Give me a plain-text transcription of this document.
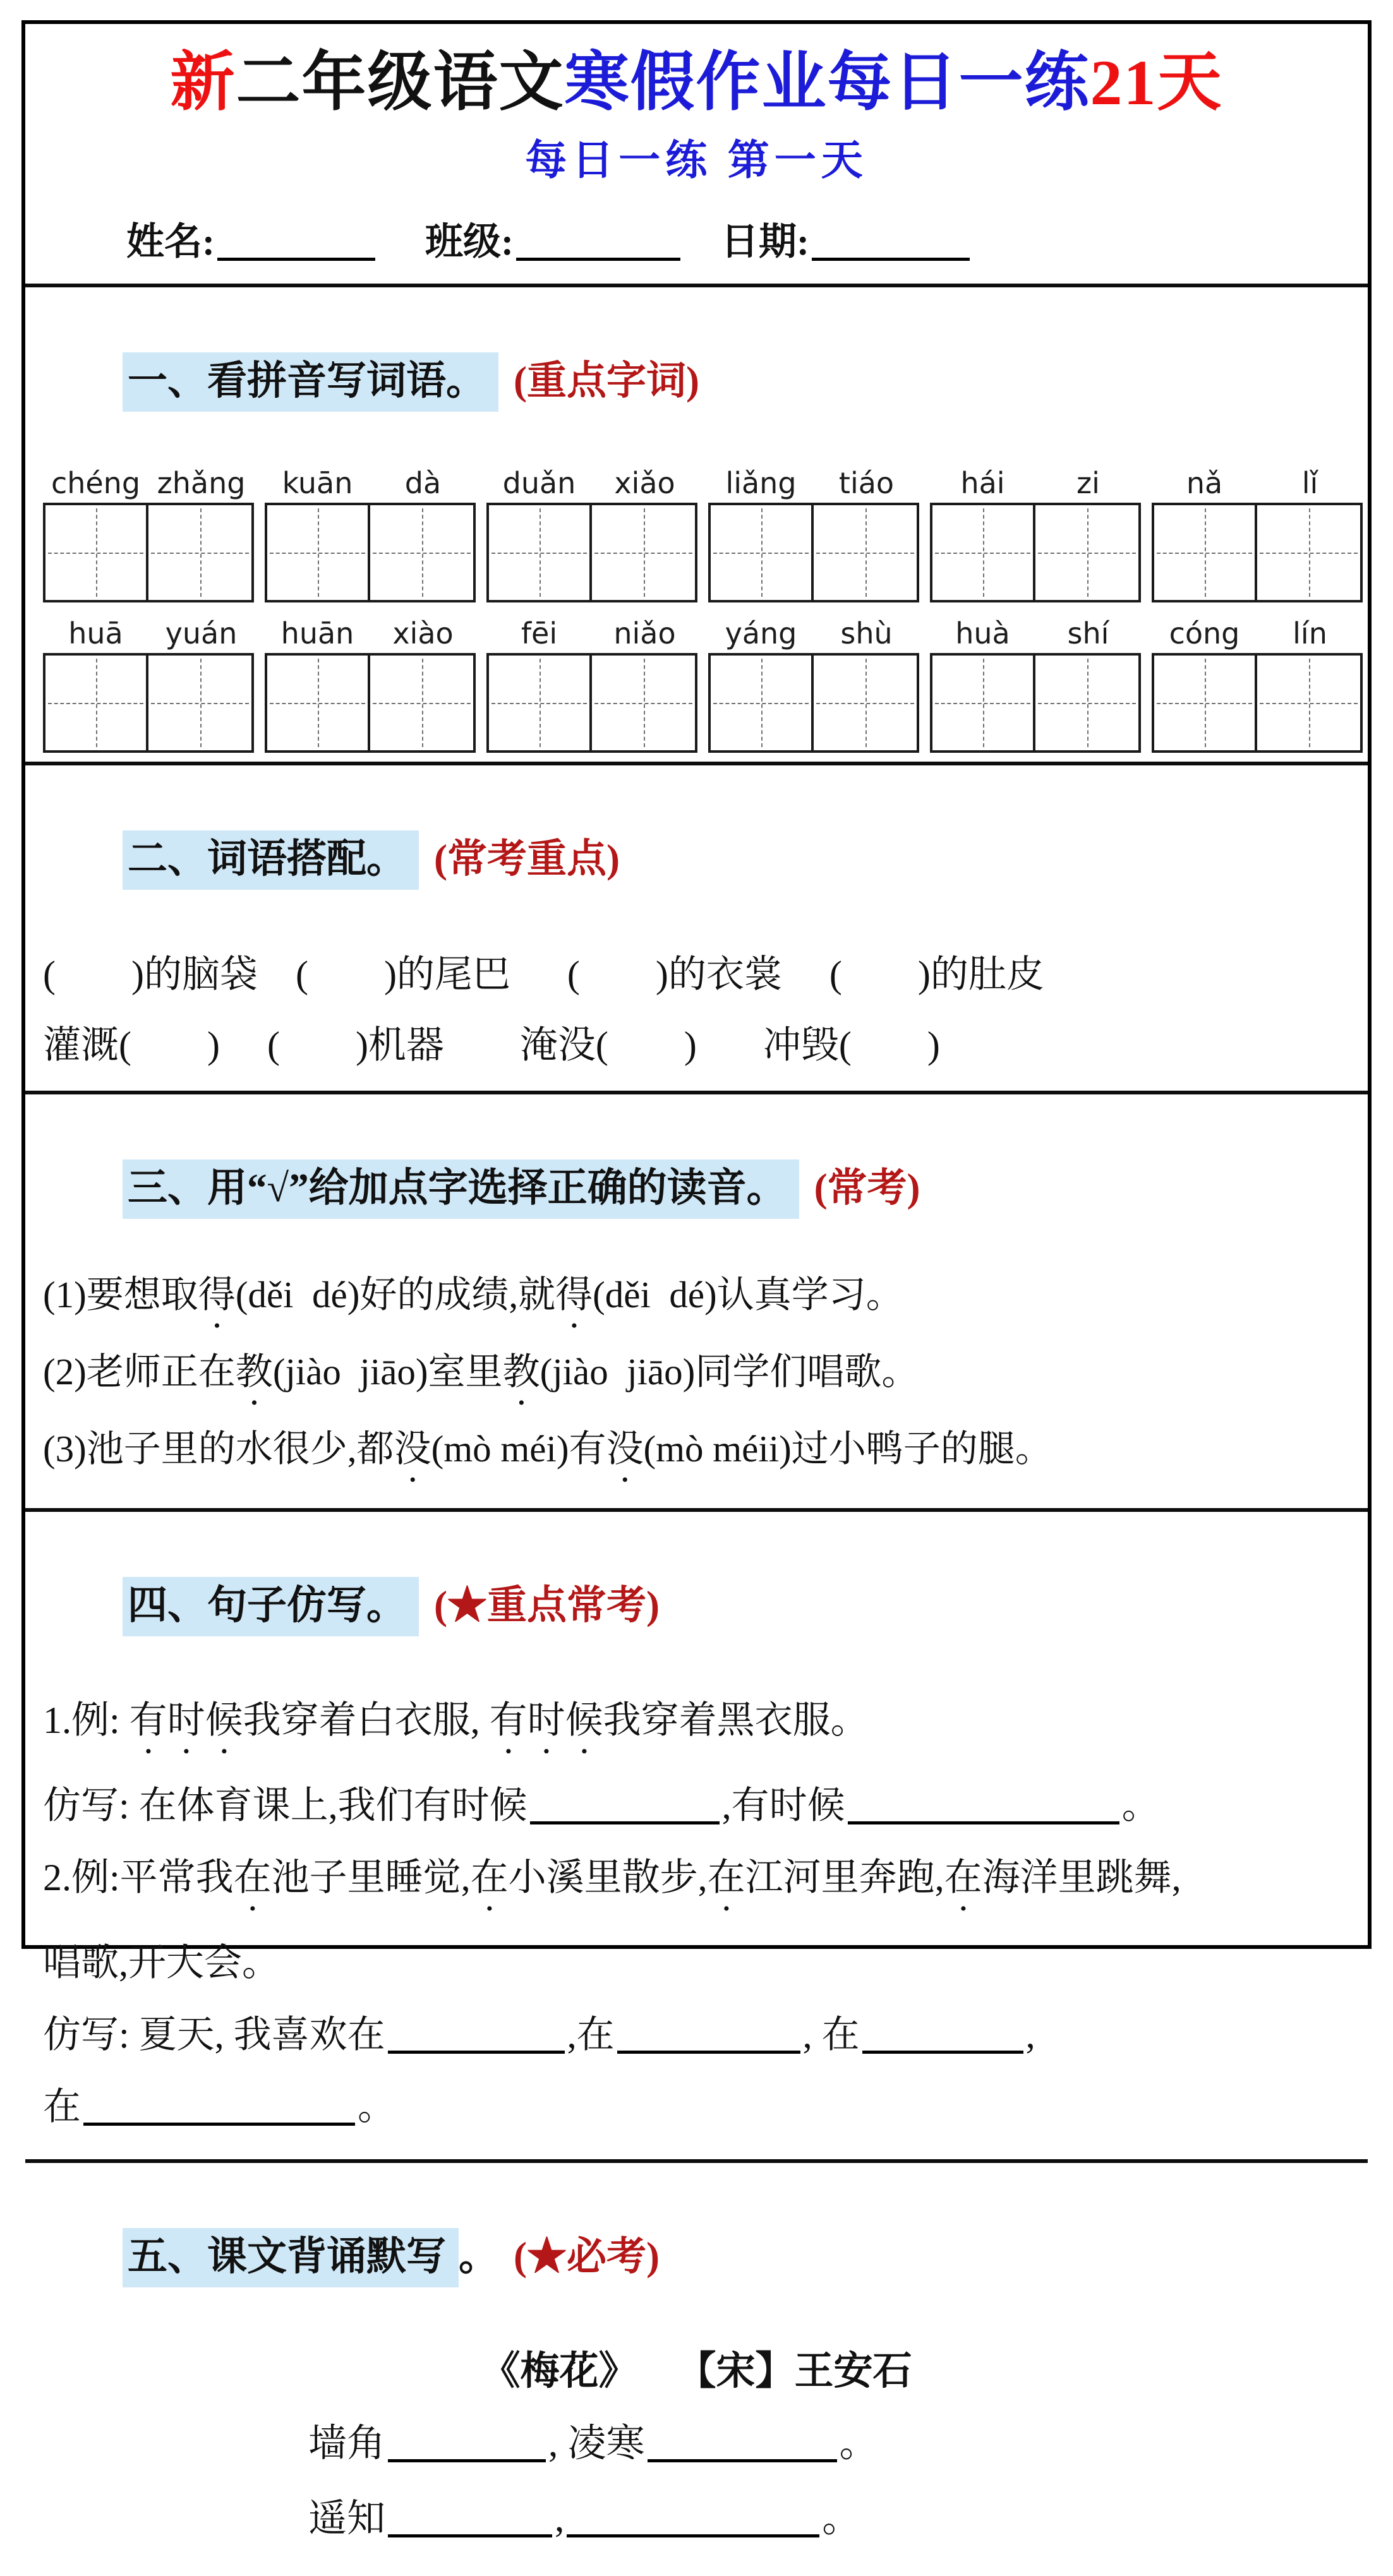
新二年级语文寒假作业每日一练21天
每日一练 第一天
姓名:	班级:	日期:

一、看拼音写词语。 (重点字词)

chéng zhǎng	kuān	dà	duǎn	xiǎo	liǎng	tiáo	hái	zi	nǎ	lǐ
huā	yuán	huān	xiào	fēi	niǎo	yáng	shù	huà	shí	cóng	lín

二、词语搭配。 (常考重点)

( )的脑袋    ( )的尾巴      ( )的衣裳     ( )的肚皮
灌溉( )     ( )机器        淹没( )       冲毁( )

三、用“√”给加点字选择正确的读音。 (常考)

(1)要想取得(děi  dé)好的成绩,就得(děi  dé)认真学习。
(2)老师正在教(jiào  jiāo)室里教(jiào  jiāo)同学们唱歌。
(3)池子里的水很少,都没(mò méi)有没(mò méii)过小鸭子的腿。

四、句子仿写。 (★重点常考)

1.例: 有时候我穿着白衣服, 有时候我穿着黑衣服。
仿写: 在体育课上,我们有时候	,有时候	。
2.例:平常我在池子里睡觉,在小溪里散步,在江河里奔跑,在海洋里跳舞,
唱歌,开大会。
仿写: 夏天, 我喜欢在	,在	, 在	,
在	。

五、课文背诵默写 。 (★必考)

《梅花》    【宋】王安石
墙角	, 凌寒	。
遥知	,	。
